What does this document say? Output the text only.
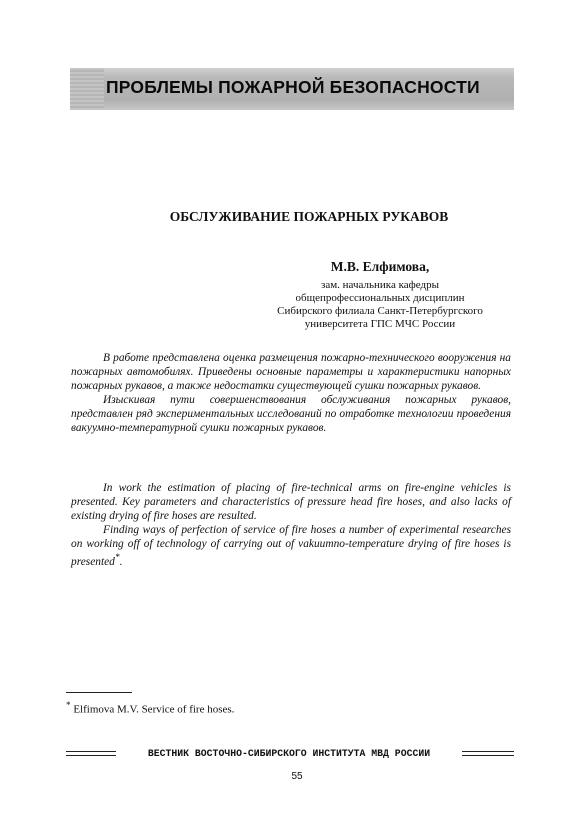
ПРОБЛЕМЫ ПОЖАРНОЙ БЕЗОПАСНОСТИ
ОБСЛУЖИВАНИЕ ПОЖАРНЫХ РУКАВОВ
М.В. Елфимова,
зам. начальника кафедры
общепрофессиональных дисциплин
Сибирского филиала Санкт-Петербургского
университета ГПС МЧС России

В работе представлена оценка размещения пожарно-технического вооружения на пожарных автомобилях. Приведены основные параметры и характеристики напорных пожарных рукавов, а также недостатки существующей сушки пожарных рукавов.

Изыскивая пути совершенствования обслуживания пожарных рукавов, представлен ряд экспериментальных исследований по отработке технологии проведения вакуумно-температурной сушки пожарных рукавов.

In work the estimation of placing of fire-technical arms on fire-engine vehicles is presented. Key parameters and characteristics of pressure head fire hoses, and also lacks of existing drying of fire hoses are resulted.

Finding ways of perfection of service of fire hoses a number of experimental researches on working off of technology of carrying out of vakuumno-temperature drying of fire hoses is presented*.

* Elfimova M.V. Service of fire hoses.
ВЕСТНИК ВОСТОЧНО-СИБИРСКОГО ИНСТИТУТА МВД РОССИИ
55
